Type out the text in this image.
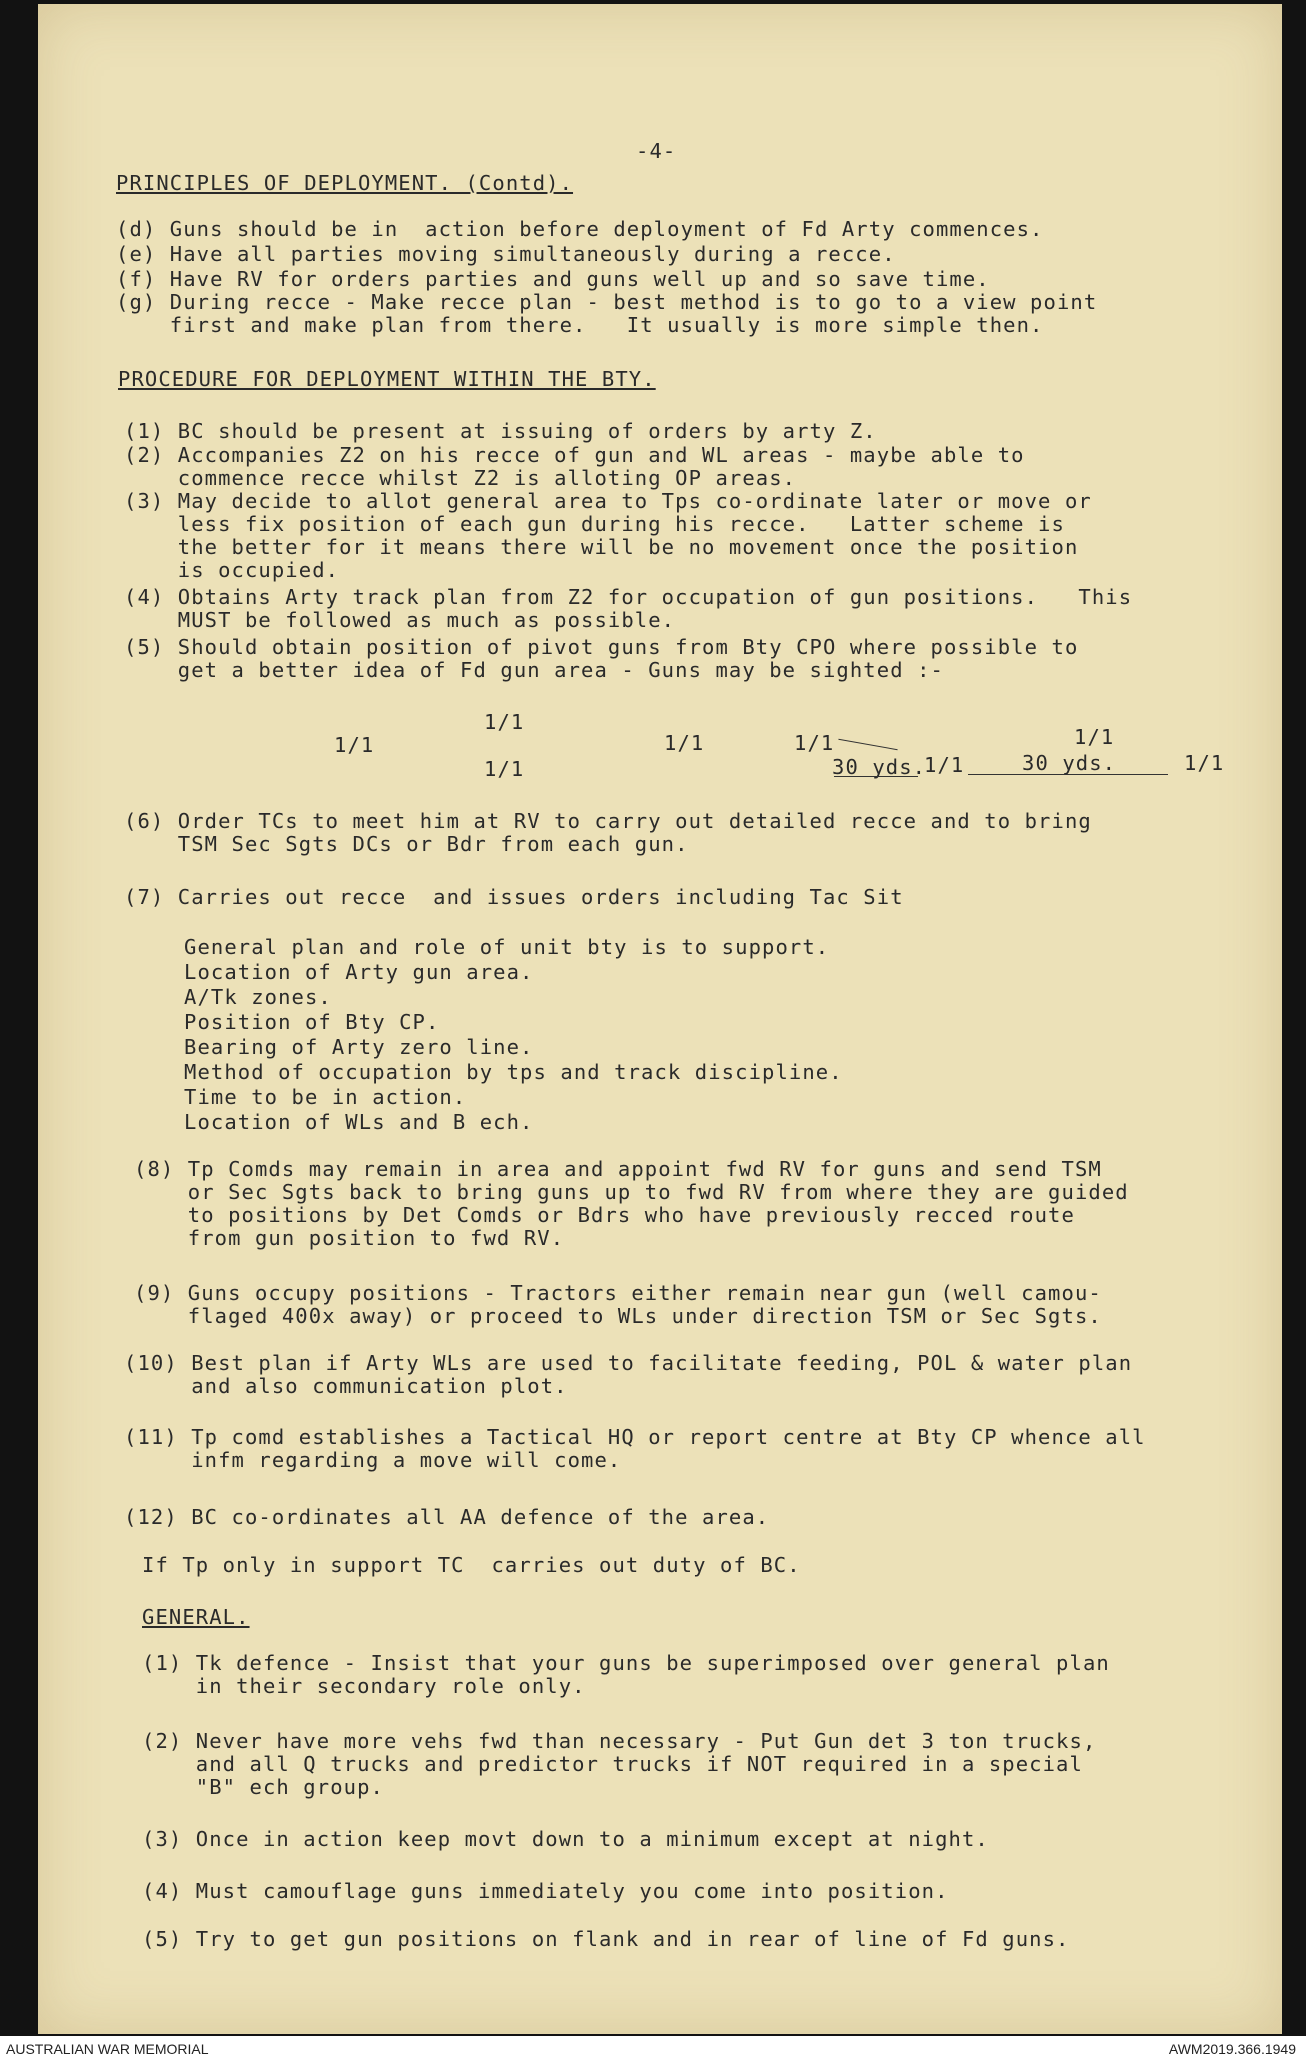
-4-
PRINCIPLES OF DEPLOYMENT. (Contd).
(d) Guns should be in  action before deployment of Fd Arty commences.
(e) Have all parties moving simultaneously during a recce.
(f) Have RV for orders parties and guns well up and so save time.
(g) During recce - Make recce plan - best method is to go to a view point
first and make plan from there.   It usually is more simple then.
PROCEDURE FOR DEPLOYMENT WITHIN THE BTY.
(1) BC should be present at issuing of orders by arty Z.
(2) Accompanies Z2 on his recce of gun and WL areas - maybe able to
commence recce whilst Z2 is alloting OP areas.
(3) May decide to allot general area to Tps co-ordinate later or move or
less fix position of each gun during his recce.   Latter scheme is
the better for it means there will be no movement once the position
is occupied.
(4) Obtains Arty track plan from Z2 for occupation of gun positions.   This
MUST be followed as much as possible.
(5) Should obtain position of pivot guns from Bty CPO where possible to
get a better idea of Fd gun area - Guns may be sighted :-
1/1
1/1
1/1
1/1	1/1
1/1
1/1
1/1
30 yds.	30 yds.
(6) Order TCs to meet him at RV to carry out detailed recce and to bring
TSM Sec Sgts DCs or Bdr from each gun.
(7) Carries out recce  and issues orders including Tac Sit
General plan and role of unit bty is to support.
Location of Arty gun area.
A/Tk zones.
Position of Bty CP.
Bearing of Arty zero line.
Method of occupation by tps and track discipline.
Time to be in action.
Location of WLs and B ech.
(8) Tp Comds may remain in area and appoint fwd RV for guns and send TSM
or Sec Sgts back to bring guns up to fwd RV from where they are guided
to positions by Det Comds or Bdrs who have previously recced route
from gun position to fwd RV.
(9) Guns occupy positions - Tractors either remain near gun (well camou-
flaged 400x away) or proceed to WLs under direction TSM or Sec Sgts.
(10) Best plan if Arty WLs are used to facilitate feeding, POL & water plan
and also communication plot.
(11) Tp comd establishes a Tactical HQ or report centre at Bty CP whence all
infm regarding a move will come.
(12) BC co-ordinates all AA defence of the area.
If Tp only in support TC  carries out duty of BC.
GENERAL.
(1) Tk defence - Insist that your guns be superimposed over general plan
in their secondary role only.
(2) Never have more vehs fwd than necessary - Put Gun det 3 ton trucks,
and all Q trucks and predictor trucks if NOT required in a special
"B" ech group.
(3) Once in action keep movt down to a minimum except at night.
(4) Must camouflage guns immediately you come into position.
(5) Try to get gun positions on flank and in rear of line of Fd guns.
AUSTRALIAN WAR MEMORIAL	AWM2019.366.1949
